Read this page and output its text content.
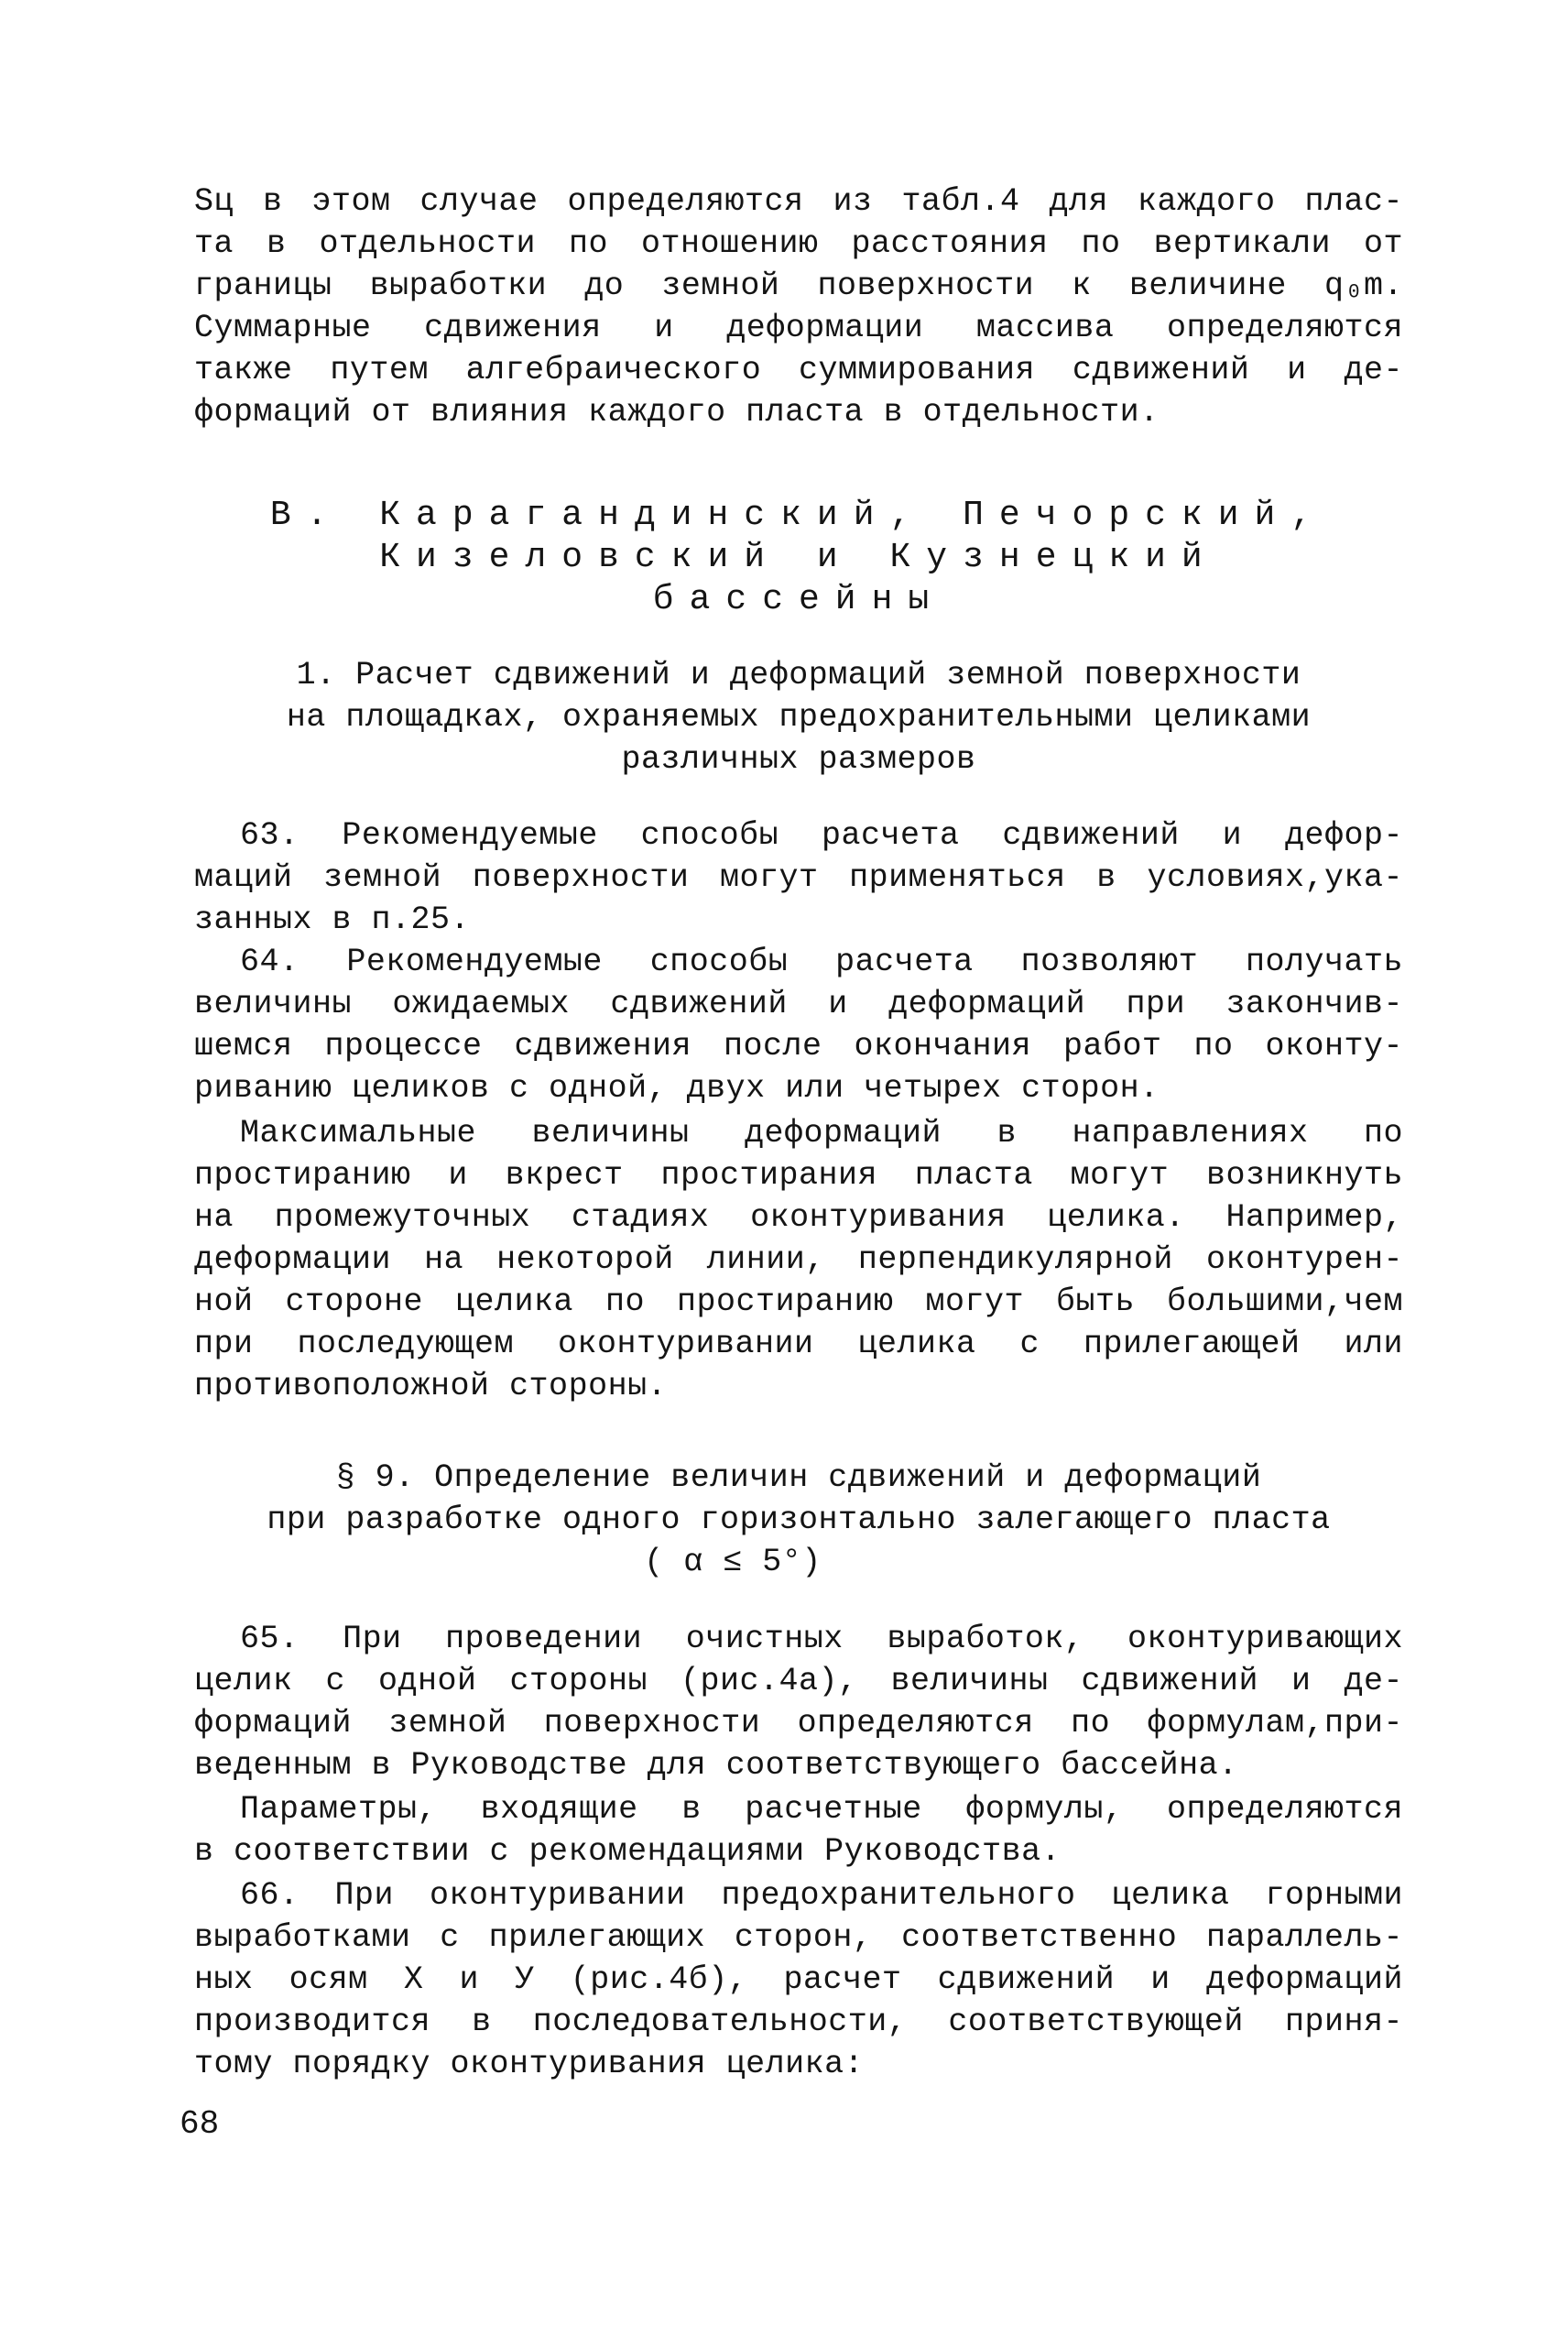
Sц в этом случае определяются из табл.4 для каждого плас-
та в отдельности по отношению расстояния по вертикали от
границы выработки до земной поверхности к величине q₀m.
Суммарные сдвижения и деформации массива определяются
также путем алгебраического суммирования сдвижений и де-
формаций от влияния каждого пласта в отдельности.
В. Карагандинский, Печорский,
Кизеловский и Кузнецкий
бассейны
1. Расчет сдвижений и деформаций земной поверхности
на площадках, охраняемых предохранительными целиками
различных размеров
63. Рекомендуемые способы расчета сдвижений и дефор-
маций земной поверхности могут применяться в условиях,ука-
занных в п.25.
64. Рекомендуемые способы расчета позволяют получать
величины ожидаемых сдвижений и деформаций при закончив-
шемся процессе сдвижения после окончания работ по оконту-
риванию целиков с одной, двух или четырех сторон.
Максимальные величины деформаций в направлениях по
простиранию и вкрест простирания пласта могут возникнуть
на промежуточных стадиях оконтуривания целика. Например,
деформации на некоторой линии, перпендикулярной оконтурен-
ной стороне целика по простиранию могут быть большими,чем
при последующем оконтуривании целика с прилегающей или
противоположной стороны.
§ 9. Определение величин сдвижений и деформаций
при разработке одного горизонтально залегающего пласта
( α ≤ 5°)
65. При проведении очистных выработок, оконтуривающих
целик с одной стороны (рис.4а), величины сдвижений и де-
формаций земной поверхности определяются по формулам,при-
веденным в Руководстве для соответствующего бассейна.
Параметры, входящие в расчетные формулы, определяются
в соответствии с рекомендациями Руководства.
66. При оконтуривании предохранительного целика горными
выработками с прилегающих сторон, соответственно параллель-
ных осям Х и У (рис.4б), расчет сдвижений и деформаций
производится в последовательности, соответствующей приня-
тому порядку оконтуривания целика:
68
